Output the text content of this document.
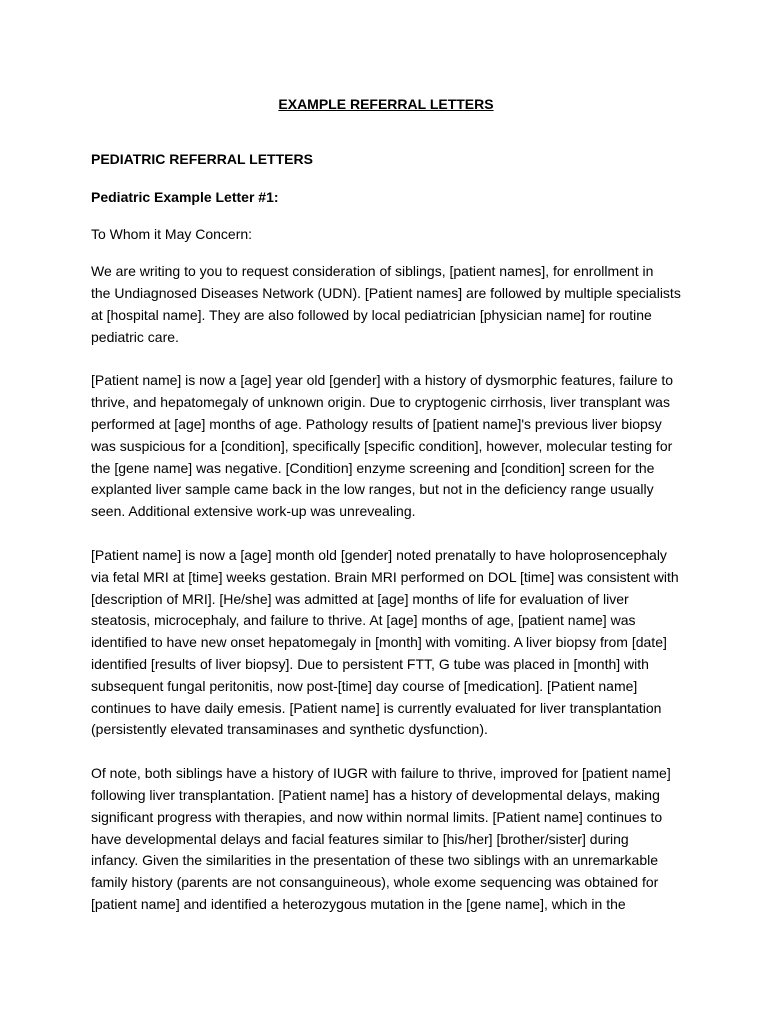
EXAMPLE REFERRAL LETTERS
PEDIATRIC REFERRAL LETTERS
Pediatric Example Letter #1:
To Whom it May Concern:
We are writing to you to request consideration of siblings, [patient names], for enrollment in
the Undiagnosed Diseases Network (UDN). [Patient names] are followed by multiple specialists
at [hospital name]. They are also followed by local pediatrician [physician name] for routine
pediatric care.
[Patient name] is now a [age] year old [gender] with a history of dysmorphic features, failure to
thrive, and hepatomegaly of unknown origin. Due to cryptogenic cirrhosis, liver transplant was
performed at [age] months of age. Pathology results of [patient name]'s previous liver biopsy
was suspicious for a [condition], specifically [specific condition], however, molecular testing for
the [gene name] was negative. [Condition] enzyme screening and [condition] screen for the
explanted liver sample came back in the low ranges, but not in the deficiency range usually
seen. Additional extensive work-up was unrevealing.
[Patient name] is now a [age] month old [gender] noted prenatally to have holoprosencephaly
via fetal MRI at [time] weeks gestation. Brain MRI performed on DOL [time] was consistent with
[description of MRI]. [He/she] was admitted at [age] months of life for evaluation of liver
steatosis, microcephaly, and failure to thrive. At [age] months of age, [patient name] was
identified to have new onset hepatomegaly in [month] with vomiting. A liver biopsy from [date]
identified [results of liver biopsy]. Due to persistent FTT, G tube was placed in [month] with
subsequent fungal peritonitis, now post-[time] day course of [medication]. [Patient name]
continues to have daily emesis. [Patient name] is currently evaluated for liver transplantation
(persistently elevated transaminases and synthetic dysfunction).
Of note, both siblings have a history of IUGR with failure to thrive, improved for [patient name]
following liver transplantation. [Patient name] has a history of developmental delays, making
significant progress with therapies, and now within normal limits. [Patient name] continues to
have developmental delays and facial features similar to [his/her] [brother/sister] during
infancy. Given the similarities in the presentation of these two siblings with an unremarkable
family history (parents are not consanguineous), whole exome sequencing was obtained for
[patient name] and identified a heterozygous mutation in the [gene name], which in the
